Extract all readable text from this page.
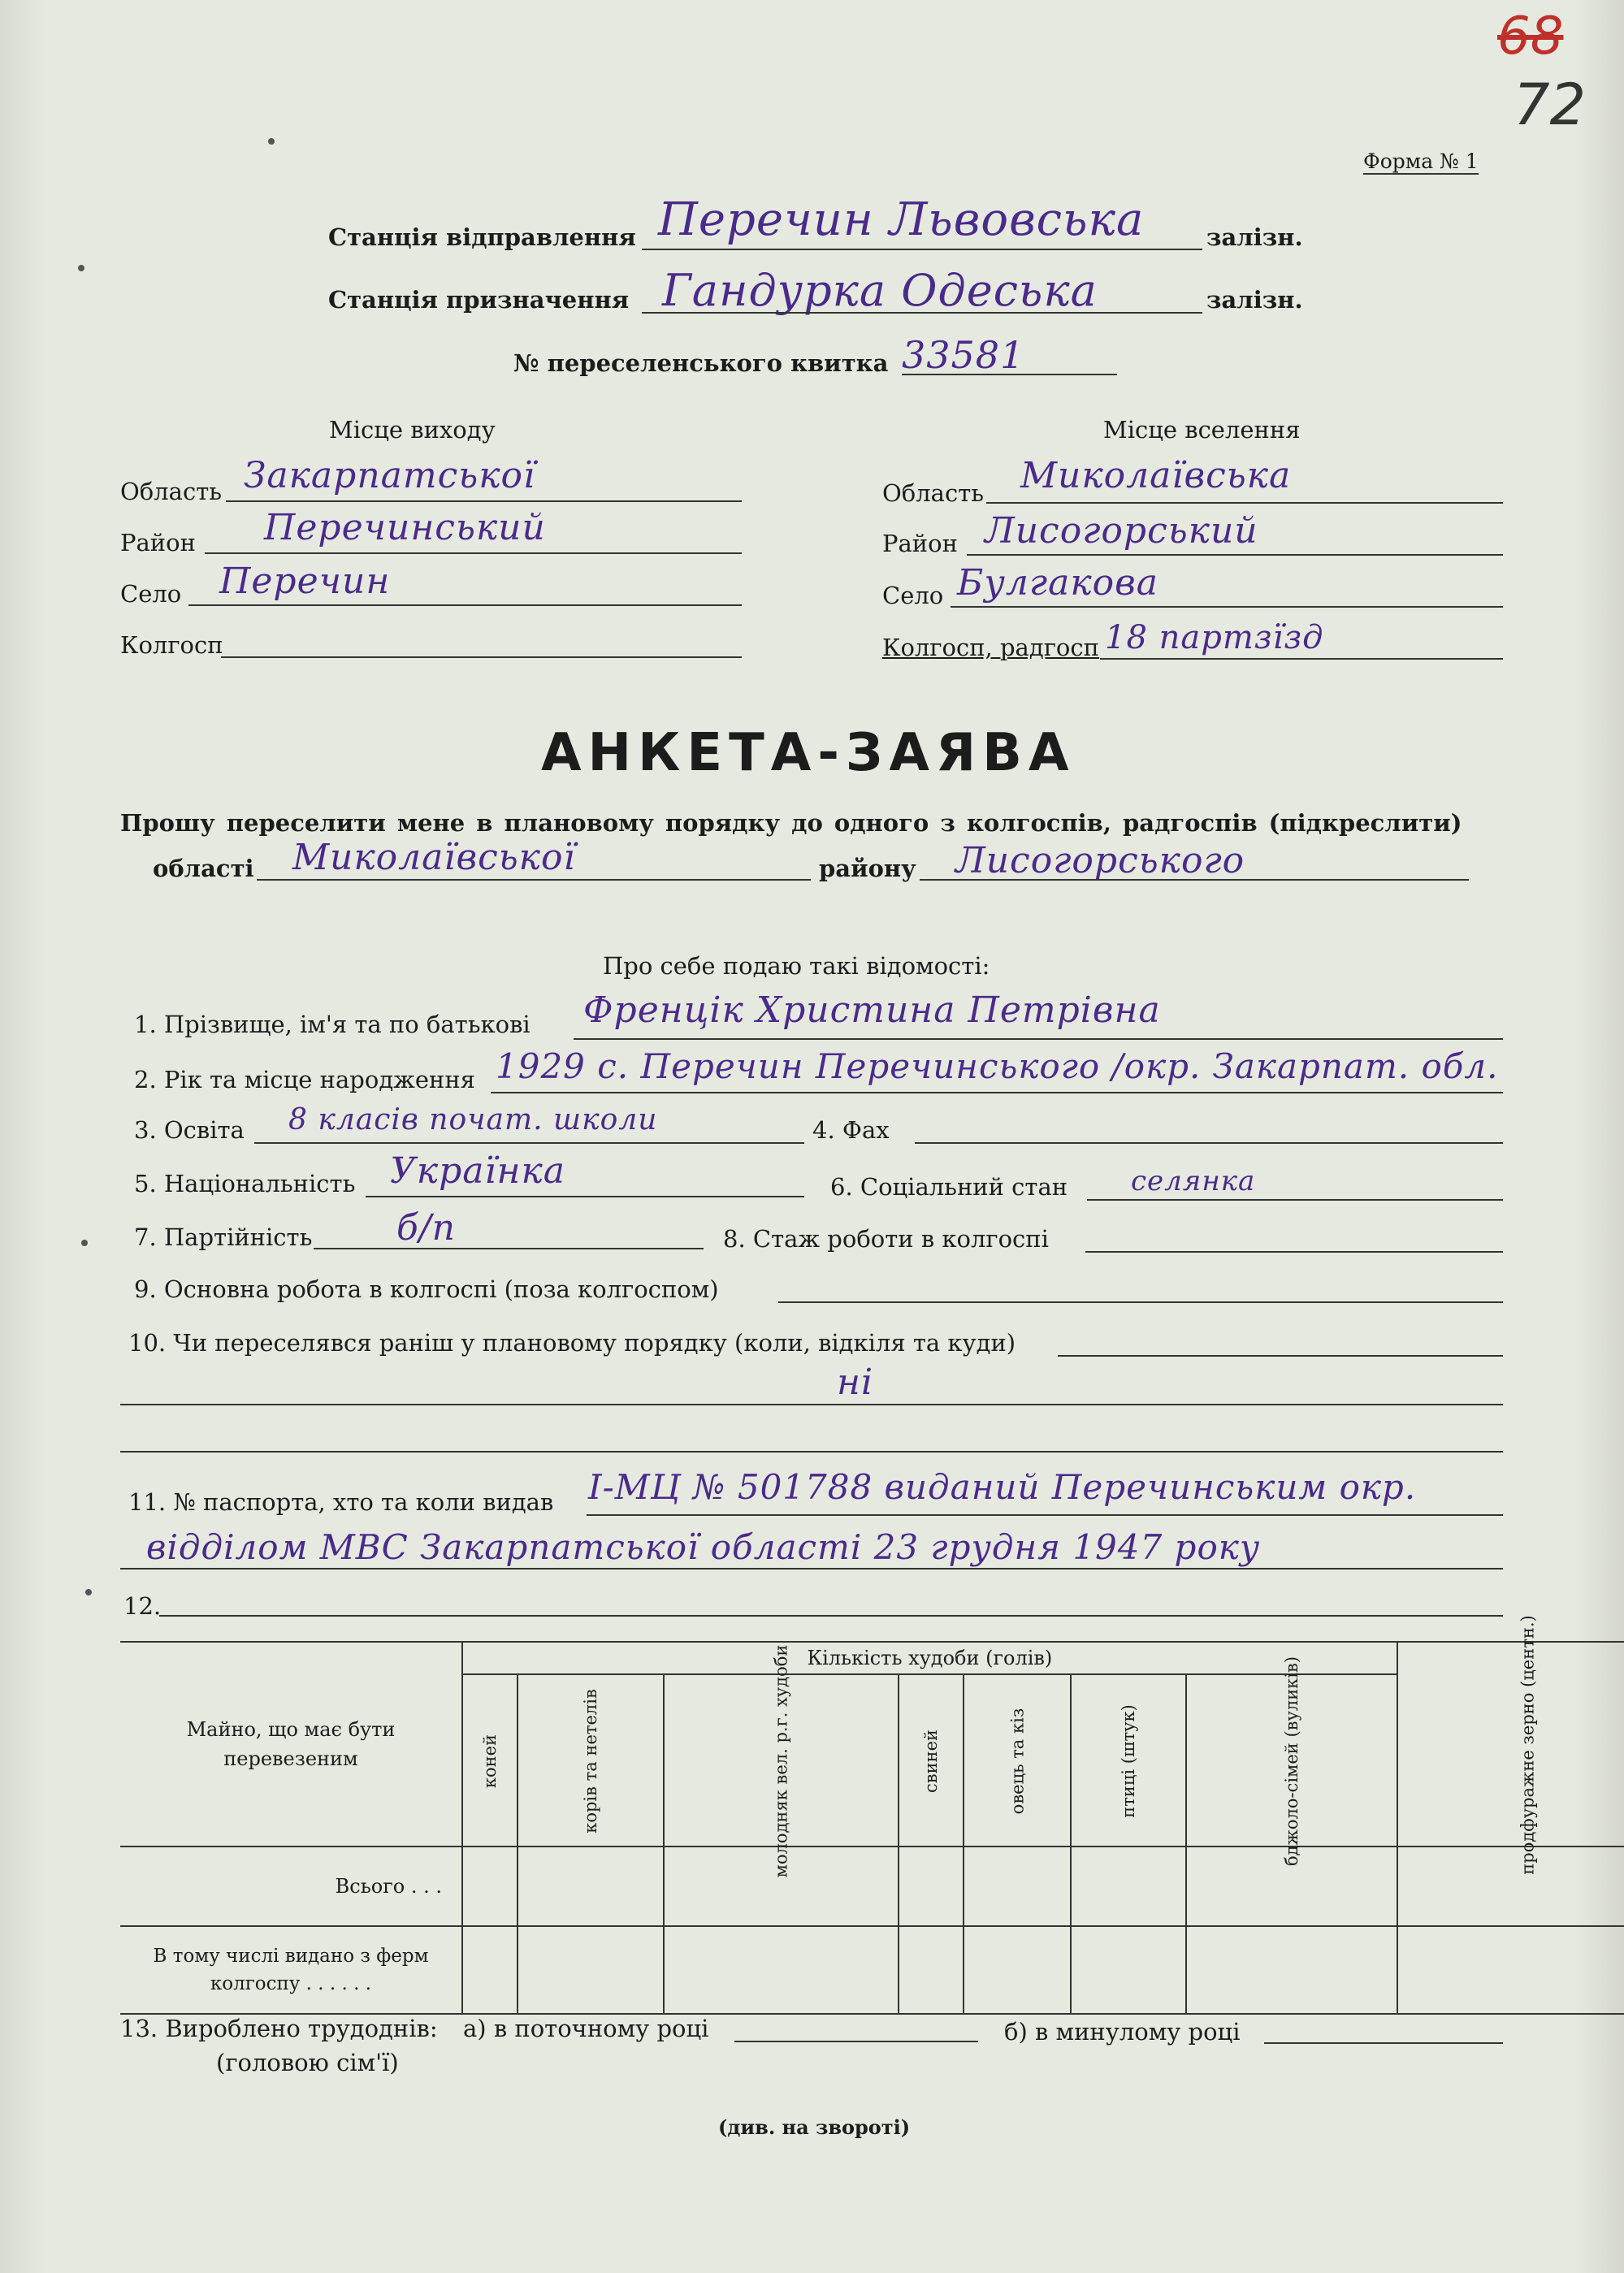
68
72
Форма № 1
Станція відправлення Перечин Львовська	залізн.
Станція призначення Гандурка Одеська	залізн.
№ переселенського квитка 33581
Місце виходу
Область Закарпатської
Район Перечинський
Село Перечин
Колгосп
Місце вселення
Область Миколаївська
Район Лисогорський
Село Булгакова
Колгосп, радгосп 18 партзїзд
АНКЕТА-ЗАЯВА
Прошу переселити мене в плановому порядку до одного з колгоспів, радгоспів (підкреслити)
області Миколаївської	району Лисогорського
Про себе подаю такі відомості:
1. Прізвище, ім'я та по батькові Френцік Христина Петрівна
2. Рік та місце народження 1929 с. Перечин Перечинського /окр. Закарпат. обл.
3. Освіта 8 класів почат. школи	4. Фах
5. Національність Українка	6. Соціальний стан селянка
7. Партійність б/п	8. Стаж роботи в колгоспі
9. Основна робота в колгоспі (поза колгоспом)
10. Чи переселявся раніш у плановому порядку (коли, відкіля та куди)
ні
11. № паспорта, хто та коли видав I-МЦ № 501788 виданий Перечинським окр.
відділом МВС Закарпатської області 23 грудня 1947 року
12.
Майно, що має бути перевезеним	Кількість худоби (голів)							продфуражне зерно (центн.)					
	коней	корів та нетелів	молодняк вел. р.г. худоби	свиней	овець та кіз	птиці (штук)	бджоло-сімей (вуликів)						
Всього . . .													
В тому числі видано з ферм колгоспу . . . . . .													
13. Вироблено трудоднів: а) в поточному році	б) в минулому році
(головою сім'ї)
(див. на звороті)
